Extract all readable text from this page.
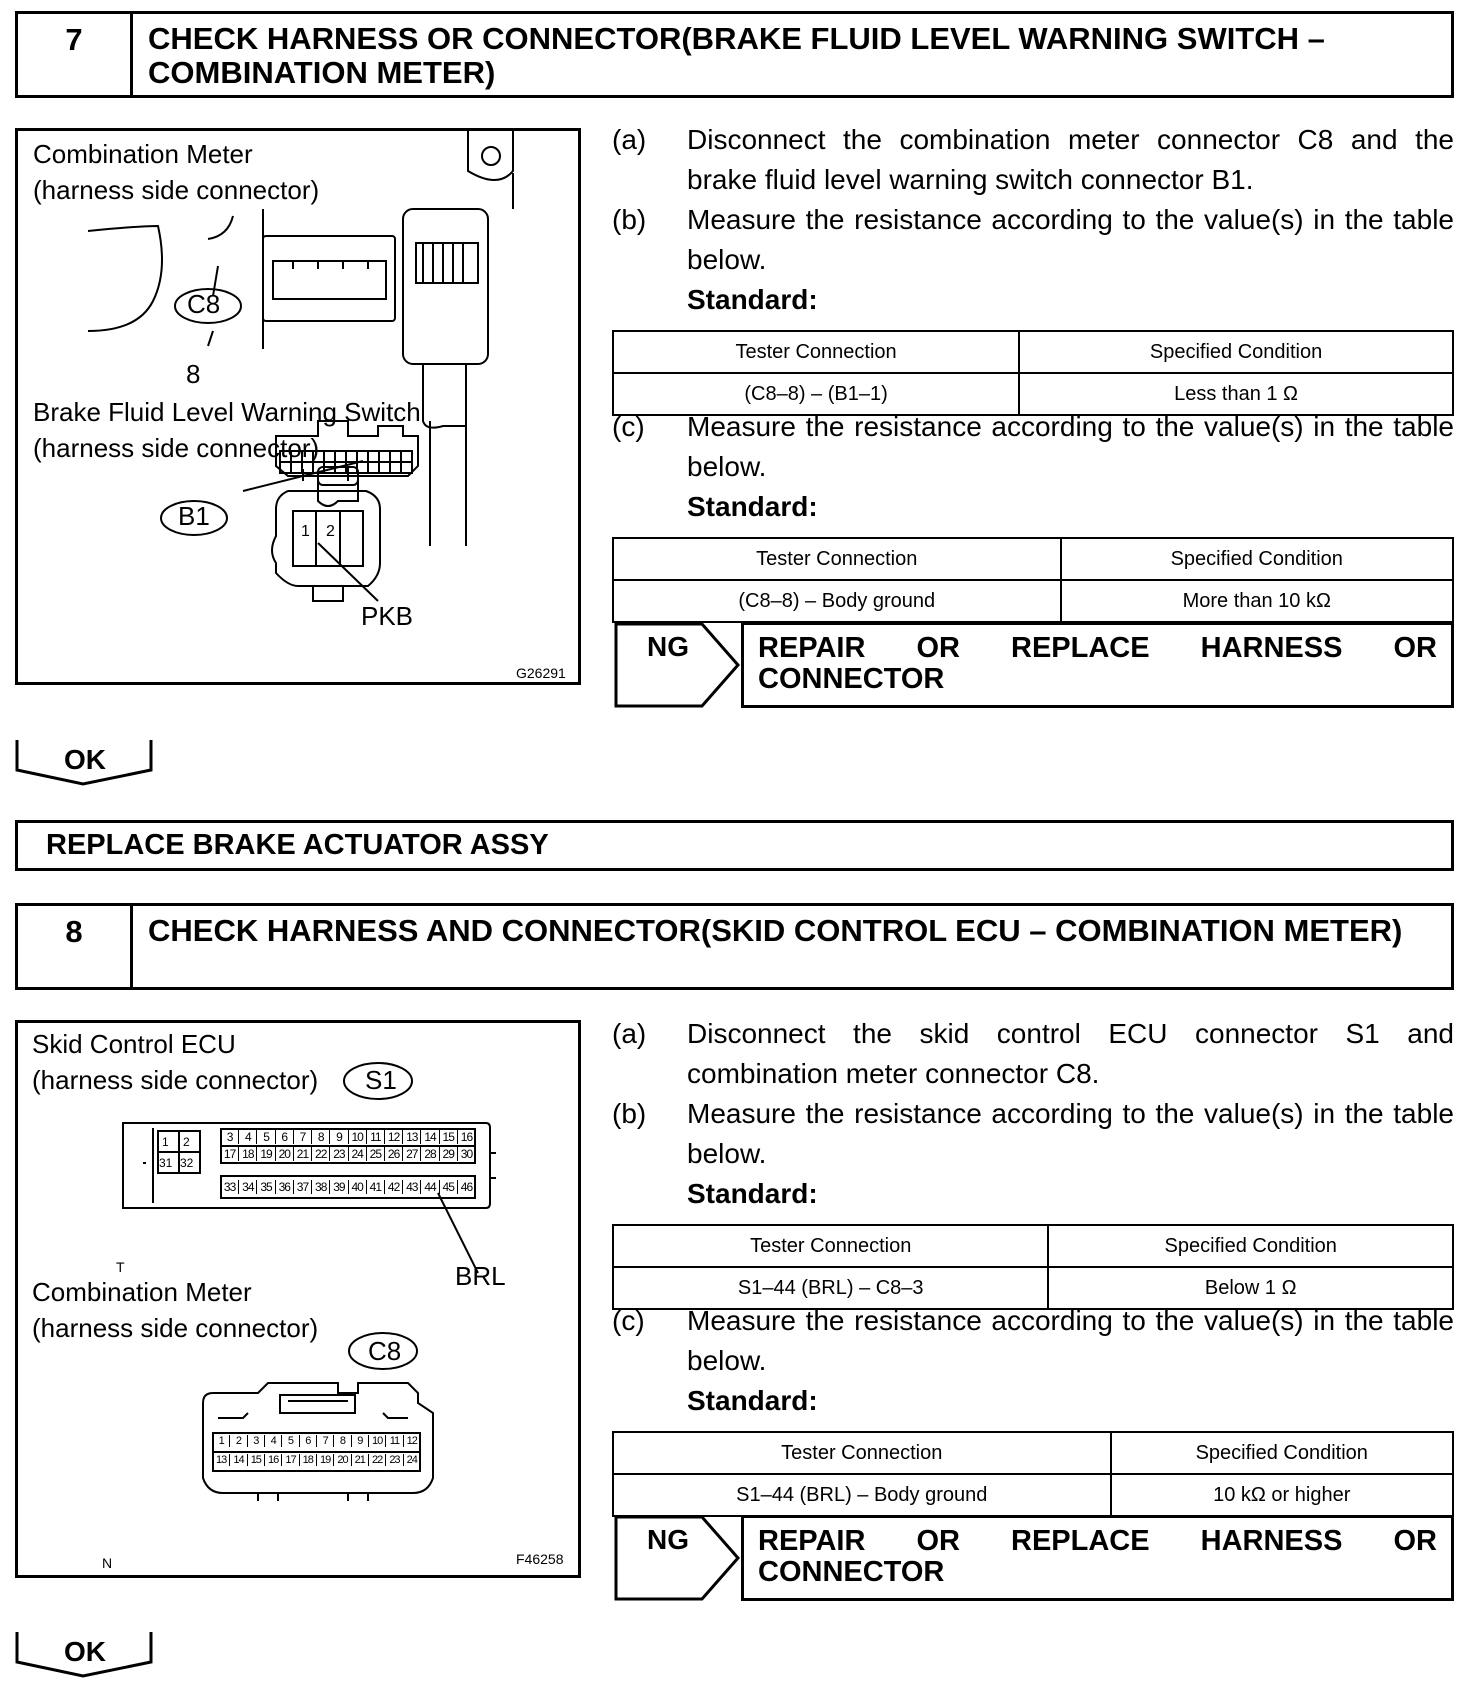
7	CHECK HARNESS OR CONNECTOR(BRAKE FLUID LEVEL WARNING SWITCH – COMBINATION METER)
Combination Meter
(harness side connector)
C8
8
Brake Fluid Level Warning Switch
(harness side connector)
B1
1 2
PKB
G26291
(a) Disconnect the combination meter connector C8 and the brake fluid level warning switch connector B1.
(b) Measure the resistance according to the value(s) in the table below.
Standard:
Tester Connection	Specified Condition
(C8–8) – (B1–1)	Less than 1 Ω
(c) Measure the resistance according to the value(s) in the table below.
Standard:
Tester Connection	Specified Condition
(C8–8) – Body ground	More than 10 kΩ
NG	REPAIR OR REPLACE HARNESS OR
CONNECTOR
OK
REPLACE BRAKE ACTUATOR ASSY
8	CHECK HARNESS AND CONNECTOR(SKID CONTROL ECU – COMBINATION METER)
Skid Control ECU
(harness side connector) S1
1 2
31 32
3	4	5	6	7	8	9 10 11 12 13 14 15 16
17 18 19 20 21 22 23 24 25 26 27 28 29 30
33 34 35 36 37 38 39 40 41 42 43 44 45 46
T	BRL
Combination Meter
(harness side connector)
C8
1	2	3	4	5	6	7	8	9 10 11 12
13 14 15 16 17 18 19 20 21 22 23 24
N	F46258
(a) Disconnect the skid control ECU connector S1 and combination meter connector C8.
(b) Measure the resistance according to the value(s) in the table below.
Standard:
Tester Connection	Specified Condition
S1–44 (BRL) – C8–3	Below 1 Ω
(c) Measure the resistance according to the value(s) in the table below.
Standard:
Tester Connection	Specified Condition
S1–44 (BRL) – Body ground	10 kΩ or higher
NG	REPAIR OR REPLACE HARNESS OR
CONNECTOR
OK
